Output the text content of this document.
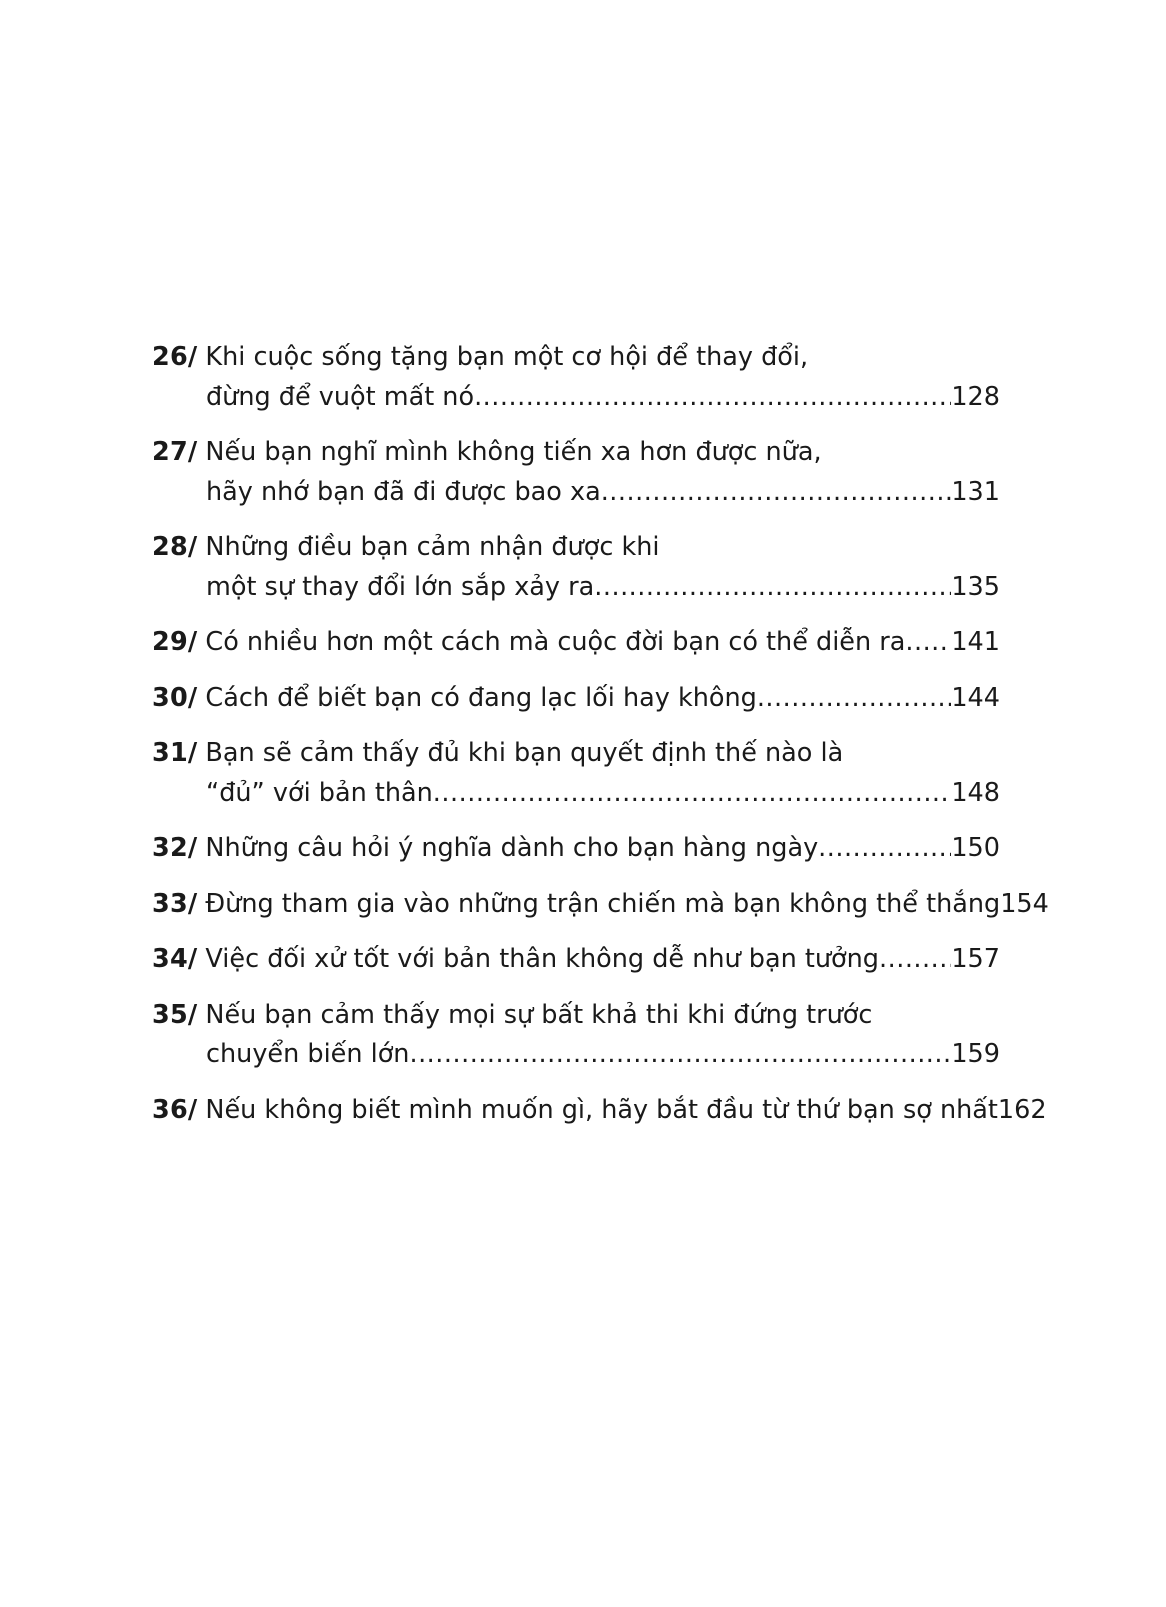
26/ Khi cuộc sống tặng bạn một cơ hội để thay đổi,
đừng để vuột mất nó .....	128
27/ Nếu bạn nghĩ mình không tiến xa hơn được nữa,
hãy nhớ bạn đã đi được bao xa .....	131
28/ Những điều bạn cảm nhận được khi
một sự thay đổi lớn sắp xảy ra .....	135
29/ Có nhiều hơn một cách mà cuộc đời bạn có thể diễn ra ..... 141
30/ Cách để biết bạn có đang lạc lối hay không .....	144
31/ Bạn sẽ cảm thấy đủ khi bạn quyết định thế nào là
“đủ” với bản thân .....	148
32/ Những câu hỏi ý nghĩa dành cho bạn hàng ngày .....	150
33/ Đừng tham gia vào những trận chiến mà bạn không thể thắng 154
34/ Việc đối xử tốt với bản thân không dễ như bạn tưởng .....	157
35/ Nếu bạn cảm thấy mọi sự bất khả thi khi đứng trước
chuyển biến lớn .....	159
36/ Nếu không biết mình muốn gì, hãy bắt đầu từ thứ bạn sợ nhất 162
